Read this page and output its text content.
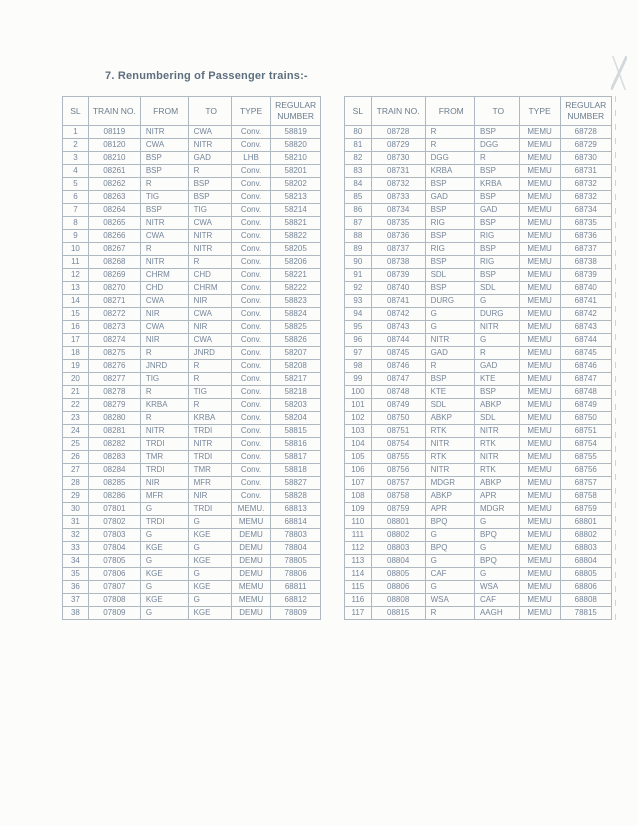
7. Renumbering of Passenger trains:-
SL	TRAIN NO.	FROM	TO	TYPE	REGULAR NUMBER
1	08119	NITR	CWA	Conv.	58819
2	08120	CWA	NITR	Conv.	58820
3	08210	BSP	GAD	LHB	58210
4	08261	BSP	R	Conv.	58201
5	08262	R	BSP	Conv.	58202
6	08263	TIG	BSP	Conv.	58213
7	08264	BSP	TIG	Conv.	58214
8	08265	NITR	CWA	Conv.	58821
9	08266	CWA	NITR	Conv.	58822
10	08267	R	NITR	Conv.	58205
11	08268	NITR	R	Conv.	58206
12	08269	CHRM	CHD	Conv.	58221
13	08270	CHD	CHRM	Conv.	58222
14	08271	CWA	NIR	Conv.	58823
15	08272	NIR	CWA	Conv.	58824
16	08273	CWA	NIR	Conv.	58825
17	08274	NIR	CWA	Conv.	58826
18	08275	R	JNRD	Conv.	58207
19	08276	JNRD	R	Conv.	58208
20	08277	TIG	R	Conv.	58217
21	08278	R	TIG	Conv.	58218
22	08279	KRBA	R	Conv.	58203
23	08280	R	KRBA	Conv.	58204
24	08281	NITR	TRDI	Conv.	58815
25	08282	TRDI	NITR	Conv.	58816
26	08283	TMR	TRDI	Conv.	58817
27	08284	TRDI	TMR	Conv.	58818
28	08285	NIR	MFR	Conv.	58827
29	08286	MFR	NIR	Conv.	58828
30	07801	G	TRDI	MEMU.	68813
31	07802	TRDI	G	MEMU	68814
32	07803	G	KGE	DEMU	78803
33	07804	KGE	G	DEMU	78804
34	07805	G	KGE	DEMU	78805
35	07806	KGE	G	DEMU	78806
36	07807	G	KGE	MEMU	68811
37	07808	KGE	G	MEMU	68812
38	07809	G	KGE	DEMU	78809
SL	TRAIN NO.	FROM	TO	TYPE	REGULAR NUMBER
80	08728	R	BSP	MEMU	68728
81	08729	R	DGG	MEMU	68729
82	08730	DGG	R	MEMU	68730
83	08731	KRBA	BSP	MEMU	68731
84	08732	BSP	KRBA	MEMU	68732
85	08733	GAD	BSP	MEMU	68732
86	08734	BSP	GAD	MEMU	68734
87	08735	RIG	BSP	MEMU	68735
88	08736	BSP	RIG	MEMU	68736
89	08737	RIG	BSP	MEMU	68737
90	08738	BSP	RIG	MEMU	68738
91	08739	SDL	BSP	MEMU	68739
92	08740	BSP	SDL	MEMU	68740
93	08741	DURG	G	MEMU	68741
94	08742	G	DURG	MEMU	68742
95	08743	G	NITR	MEMU	68743
96	08744	NITR	G	MEMU	68744
97	08745	GAD	R	MEMU	68745
98	08746	R	GAD	MEMU	68746
99	08747	BSP	KTE	MEMU	68747
100	08748	KTE	BSP	MEMU	68748
101	08749	SDL	ABKP	MEMU	68749
102	08750	ABKP	SDL	MEMU	68750
103	08751	RTK	NITR	MEMU	68751
104	08754	NITR	RTK	MEMU	68754
105	08755	RTK	NITR	MEMU	68755
106	08756	NITR	RTK	MEMU	68756
107	08757	MDGR	ABKP	MEMU	68757
108	08758	ABKP	APR	MEMU	68758
109	08759	APR	MDGR	MEMU	68759
110	08801	BPQ	G	MEMU	68801
111	08802	G	BPQ	MEMU	68802
112	08803	BPQ	G	MEMU	68803
113	08804	G	BPQ	MEMU	68804
114	08805	CAF	G	MEMU	68805
115	08806	G	WSA	MEMU	68806
116	08808	WSA	CAF	MEMU	68808
117	08815	R	AAGH	MEMU	78815
